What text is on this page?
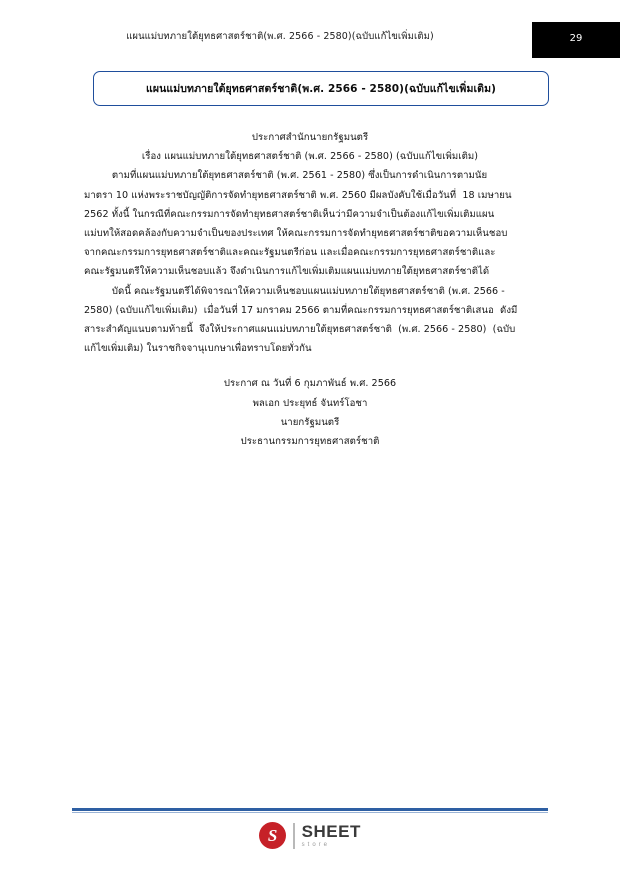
แผนแม่บทภายใต้ยุทธศาสตร์ชาติ(พ.ศ. 2566 - 2580)(ฉบับแก้ไขเพิ่มเติม)	29
แผนแม่บทภายใต้ยุทธศาสตร์ชาติ(พ.ศ. 2566 - 2580)(ฉบับแก้ไขเพิ่มเติม)
ประกาศสำนักนายกรัฐมนตรี
เรื่อง แผนแม่บทภายใต้ยุทธศาสตร์ชาติ (พ.ศ. 2566 - 2580) (ฉบับแก้ไขเพิ่มเติม)
ตามที่แผนแม่บทภายใต้ยุทธศาสตร์ชาติ (พ.ศ. 2561 - 2580) ซึ่งเป็นการดำเนินการตามนัย
มาตรา 10 แห่งพระราชบัญญัติการจัดทำยุทธศาสตร์ชาติ พ.ศ. 2560 มีผลบังคับใช้เมื่อวันที่  18 เมษายน
2562 ทั้งนี้ ในกรณีที่คณะกรรมการจัดทำยุทธศาสตร์ชาติเห็นว่ามีความจำเป็นต้องแก้ไขเพิ่มเติมแผน
แม่บทให้สอดคล้องกับความจำเป็นของประเทศ ให้คณะกรรมการจัดทำยุทธศาสตร์ชาติขอความเห็นชอบ
จากคณะกรรมการยุทธศาสตร์ชาติและคณะรัฐมนตรีก่อน และเมื่อคณะกรรมการยุทธศาสตร์ชาติและ
คณะรัฐมนตรีให้ความเห็นชอบแล้ว จึงดำเนินการแก้ไขเพิ่มเติมแผนแม่บทภายใต้ยุทธศาสตร์ชาติได้
บัดนี้ คณะรัฐมนตรีได้พิจารณาให้ความเห็นชอบแผนแม่บทภายใต้ยุทธศาสตร์ชาติ (พ.ศ. 2566 -
2580) (ฉบับแก้ไขเพิ่มเติม)  เมื่อวันที่ 17 มกราคม 2566 ตามที่คณะกรรมการยุทธศาสตร์ชาติเสนอ  ดังมี
สาระสำคัญแนบตามท้ายนี้  จึงให้ประกาศแผนแม่บทภายใต้ยุทธศาสตร์ชาติ  (พ.ศ. 2566 - 2580)  (ฉบับ
แก้ไขเพิ่มเติม) ในราชกิจจานุเบกษาเพื่อทราบโดยทั่วกัน
ประกาศ ณ วันที่ 6 กุมภาพันธ์ พ.ศ. 2566
พลเอก ประยุทธ์ จันทร์โอชา
นายกรัฐมนตรี
ประธานกรรมการยุทธศาสตร์ชาติ
S	SHEET
store
